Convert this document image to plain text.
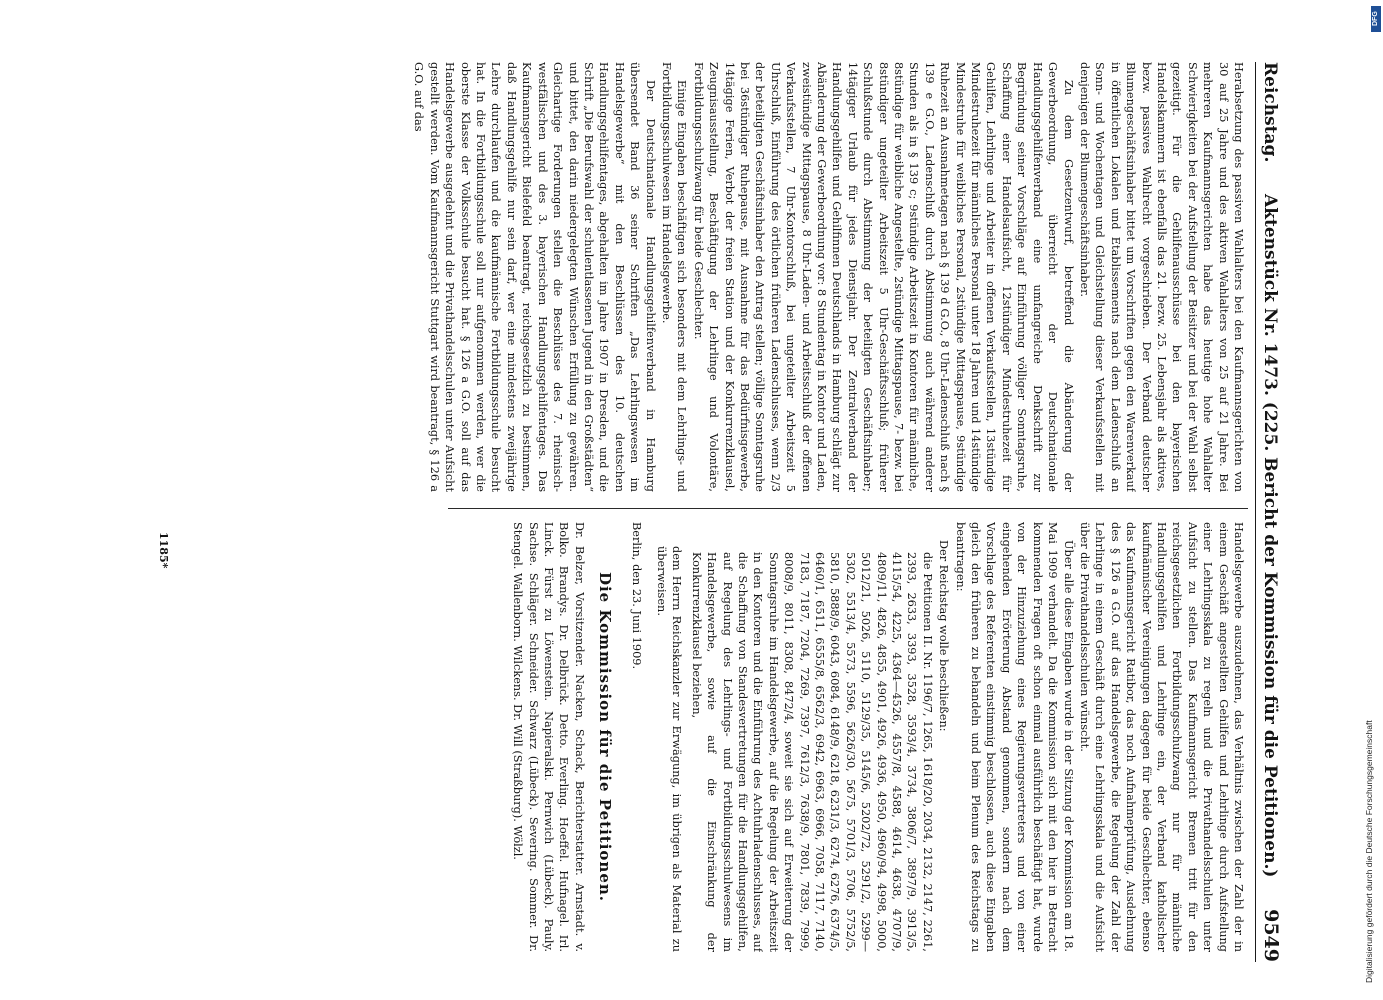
Reichstag.
Aktenstück Nr. 1473. (225. Bericht der Kommission für die Petitionen.)
9549

Herabsetzung des passiven Wahlalters bei den Kaufmannsgerichten von 30 auf 25 Jahre und des aktiven Wahlalters von 25 auf 21 Jahre. Bei mehreren Kaufmannsgerichten habe das heutige hohe Wahlalter Schwierigkeiten bei der Aufstellung der Beisitzer und bei der Wahl selbst gezeitigt. Für die Gehilfenausschüsse bei den bayerischen Handelskammern ist ebenfalls das 21. bezw. 25. Lebensjahr als aktives, bezw. passives Wahlrecht vorgeschrieben. Der Verband deutscher Blumengeschäftsinhaber bittet um Vorschriften gegen den Warenverkauf in öffentlichen Lokalen und Etablissements nach dem Ladenschluß an Sonn- und Wochentagen und Gleichstellung dieser Verkaufsstellen mit denjenigen der Blumengeschäftsinhaber.

Zu dem Gesetzentwurf, betreffend die Abänderung der Gewerbeordnung, überreicht der Deutschnationale Handlungsgehilfenverband eine umfangreiche Denkschrift zur Begründung seiner Vorschläge auf Einführung völliger Sonntagsruhe, Schaffung einer Handelsaufsicht, 12stündiger Mindestruhezeit für Gehilfen, Lehrlinge und Arbeiter in offenen Verkaufsstellen, 13stündige Mindestruhezeit für männliches Personal unter 18 Jahren und 14stündige Mindestruhe für weibliches Personal, 2stündige Mittagspause, 9stündige Ruhezeit an Ausnahmetagen nach § 139 d G.O., 8 Uhr-Ladenschluß nach § 139 e G.O., Ladenschluß durch Abstimmung auch während anderer Stunden als in § 139 c; 9stündige Arbeitszeit in Kontoren für männliche, 8stündige für weibliche Angestellte, 2stündige Mittagspause, 7- bezw. bei 8stündiger ungeteilter Arbeitszeit 5 Uhr-Geschäftsschluß; früherer Schlußstunde durch Abstimmung der beteiligten Geschäftsinhaber; 14tägiger Urlaub für jedes Dienstjahr. Der Zentralverband der Handlungsgehilfen und Gehilfinnen Deutschlands in Hamburg schlägt zur Abänderung der Gewerbeordnung vor: 8 Stundentag in Kontor und Laden, zweistündige Mittagspause, 8 Uhr-Laden- und Arbeitsschluß der offenen Verkaufsstellen, 7 Uhr-Kontorschluß, bei ungeteilter Arbeitszeit 5 Uhrschluß, Einführung des örtlichen früheren Ladenschlusses, wenn 2/3 der beteiligten Geschäftsinhaber den Antrag stellen; völlige Sonntagsruhe bei 36stündiger Ruhepause, mit Ausnahme für das Bedürfnisgewerbe, 14tägige Ferien, Verbot der freien Station und der Konkurrenzklausel, Zeugnisausstellung, Beschäftigung der Lehrlinge und Volontäre, Fortbildungsschulzwang für beide Geschlechter.

Einige Eingaben beschäftigen sich besonders mit dem Lehrlings- und Fortbildungsschulwesen im Handelsgewerbe.

Der Deutschnationale Handlungsgehilfenverband in Hamburg übersendet Band 36 seiner Schriften „Das Lehrlingswesen im Handelsgewerbe“ mit den Beschlüssen des 10. deutschen Handlungsgehilfentages, abgehalten im Jahre 1907 in Dresden, und die Schrift „Die Berufswahl der schulentlassenen Jugend in den Großstädten“ und bittet, den darin niedergelegten Wünschen Erfüllung zu gewähren. Gleichartige Forderungen stellen die Beschlüsse des 7. rheinisch-westfälischen und des 3. bayerischen Handlungsgehilfentages. Das Kaufmannsgericht Bielefeld beantragt, reichsgesetzlich zu bestimmen, daß Handlungsgehilfe nur sein darf, wer eine mindestens zweijährige Lehre durchlaufen und die kaufmännische Fortbildungsschule besucht hat. In die Fortbildungsschule soll nur aufgenommen werden, wer die oberste Klasse der Volksschule besucht hat. § 126 a G.O. soll auf das Handelsgewerbe ausgedehnt und die Privathandelsschulen unter Aufsicht gestellt werden. Vom Kaufmannsgericht Stuttgart wird beantragt, § 126 a G.O. auf das

Handelsgewerbe auszudehnen, das Verhältnis zwischen der Zahl der in einem Geschäft angestellten Gehilfen und Lehrlinge durch Aufstellung einer Lehrlingsskala zu regeln und die Privathandelsschulen unter Aufsicht zu stellen. Das Kaufmannsgericht Bremen tritt für den reichsgesetzlichen Fortbildungsschulzwang nur für männliche Handlungsgehilfen und Lehrlinge ein, der Verband katholischer kaufmännischer Vereinigungen dagegen für beide Geschlechter, ebenso das Kaufmannsgericht Ratibor, das noch Aufnahmeprüfung, Ausdehnung des § 126 a G.O. auf das Handelsgewerbe, die Regelung der Zahl der Lehrlinge in einem Geschäft durch eine Lehrlingsskala und die Aufsicht über die Privathandelsschulen wünscht.

Über alle diese Eingaben wurde in der Sitzung der Kommission am 18. Mai 1909 verhandelt. Da die Kommission sich mit den hier in Betracht kommenden Fragen oft schon einmal ausführlich beschäftigt hat, wurde von der Hinzuziehung eines Regierungsvertreters und von einer eingehenden Erörterung Abstand genommen, sondern nach dem Vorschlage des Referenten einstimmig beschlossen, auch diese Eingaben gleich den früheren zu behandeln und beim Plenum des Reichstags zu beantragen:

Der Reichstag wolle beschließen:

die Petitionen II. Nr. 1196/7, 1265, 1618/20, 2034, 2132, 2147, 2261, 2393, 2633, 3393, 3528, 3593/4, 3734, 3806/7, 3897/9, 3913/5, 4115/54, 4225, 4364—4526, 4557/8, 4588, 4614, 4638, 4707/9, 4809/11, 4826, 4855, 4901, 4926, 4936, 4950, 4960/94, 4998, 5000, 5012/21, 5026, 5110, 5129/35, 5145/6, 5202/72, 5291/2, 5299—5302, 5513/4, 5573, 5596, 5626/30, 5675, 5701/3, 5706, 5752/5, 5810, 5888/9, 6043, 6084, 6148/9, 6218, 6231/3, 6274, 6276, 6374/5, 6460/1, 6511, 6555/8, 6562/3, 6942, 6963, 6966, 7058, 7117, 7140, 7183, 7187, 7204, 7269, 7397, 7612/3, 7638/9, 7801, 7839, 7999, 8008/9, 8011, 8308, 8472/4, soweit sie sich auf Erweiterung der Sonntagsruhe im Handelsgewerbe, auf die Regelung der Arbeitszeit in den Kontoren und die Einführung des Achtuhrladenschlusses, auf die Schaffung von Standesvertretungen für die Handlungsgehilfen, auf Regelung des Lehrlings- und Fortbildungsschulwesens im Handelsgewerbe, sowie auf die Einschränkung der Konkurrenzklausel beziehen,

dem Herrn Reichskanzler zur Erwägung, im übrigen als Material zu überweisen.

Berlin, den 23. Juni 1909.

Die Kommission für die Petitionen.

Dr. Belzer, Vorsitzender. Nacken, Schack, Berichterstatter. Arnstadt. v. Bolko. Brandys. Dr. Delbrück. Detto. Everling. Hoeffel. Hufnagel. Irl. Linck. Fürst zu Löwenstein. Napieralski. Pernwich (Lübeck). Pauly. Sachse. Schläger. Schneider. Schwarz (Lübeck). Severing. Sommer. Dr. Stengel. Wallenborn. Wilckens. Dr. Will (Straßburg). Wölzl.

1185*
Digitalisierung gefördert durch die Deutsche Forschungsgemeinschaft
DFG
